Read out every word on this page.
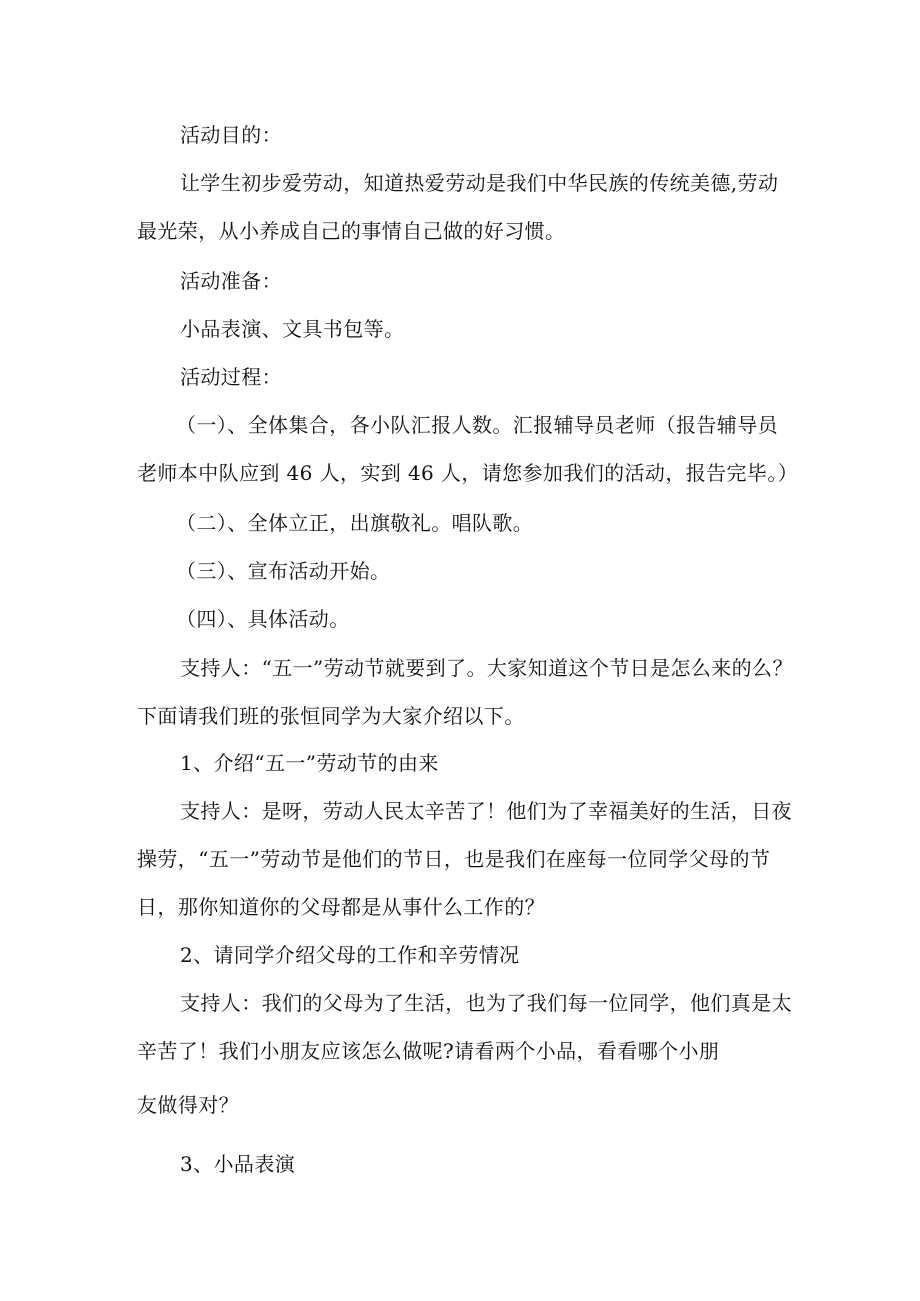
活动目的：
让学生初步爱劳动，知道热爱劳动是我们中华民族的传统美德,劳动
最光荣，从小养成自己的事情自己做的好习惯。
活动准备：
小品表演、文具书包等。
活动过程：
（一）、全体集合，各小队汇报人数。汇报辅导员老师（报告辅导员
老师本中队应到 46 人，实到 46 人，请您参加我们的活动，报告完毕。）
（二）、全体立正，出旗敬礼。唱队歌。
（三）、宣布活动开始。
（四）、具体活动。
支持人：“五一”劳动节就要到了。大家知道这个节日是怎么来的么？
下面请我们班的张恒同学为大家介绍以下。
1、介绍“五一”劳动节的由来
支持人：是呀，劳动人民太辛苦了！他们为了幸福美好的生活，日夜
操劳，“五一”劳动节是他们的节日，也是我们在座每一位同学父母的节
日，那你知道你的父母都是从事什么工作的？
2、请同学介绍父母的工作和辛劳情况
支持人：我们的父母为了生活，也为了我们每一位同学，他们真是太
辛苦了！我们小朋友应该怎么做呢?请看两个小品，看看哪个小朋
友做得对？
3、小品表演
